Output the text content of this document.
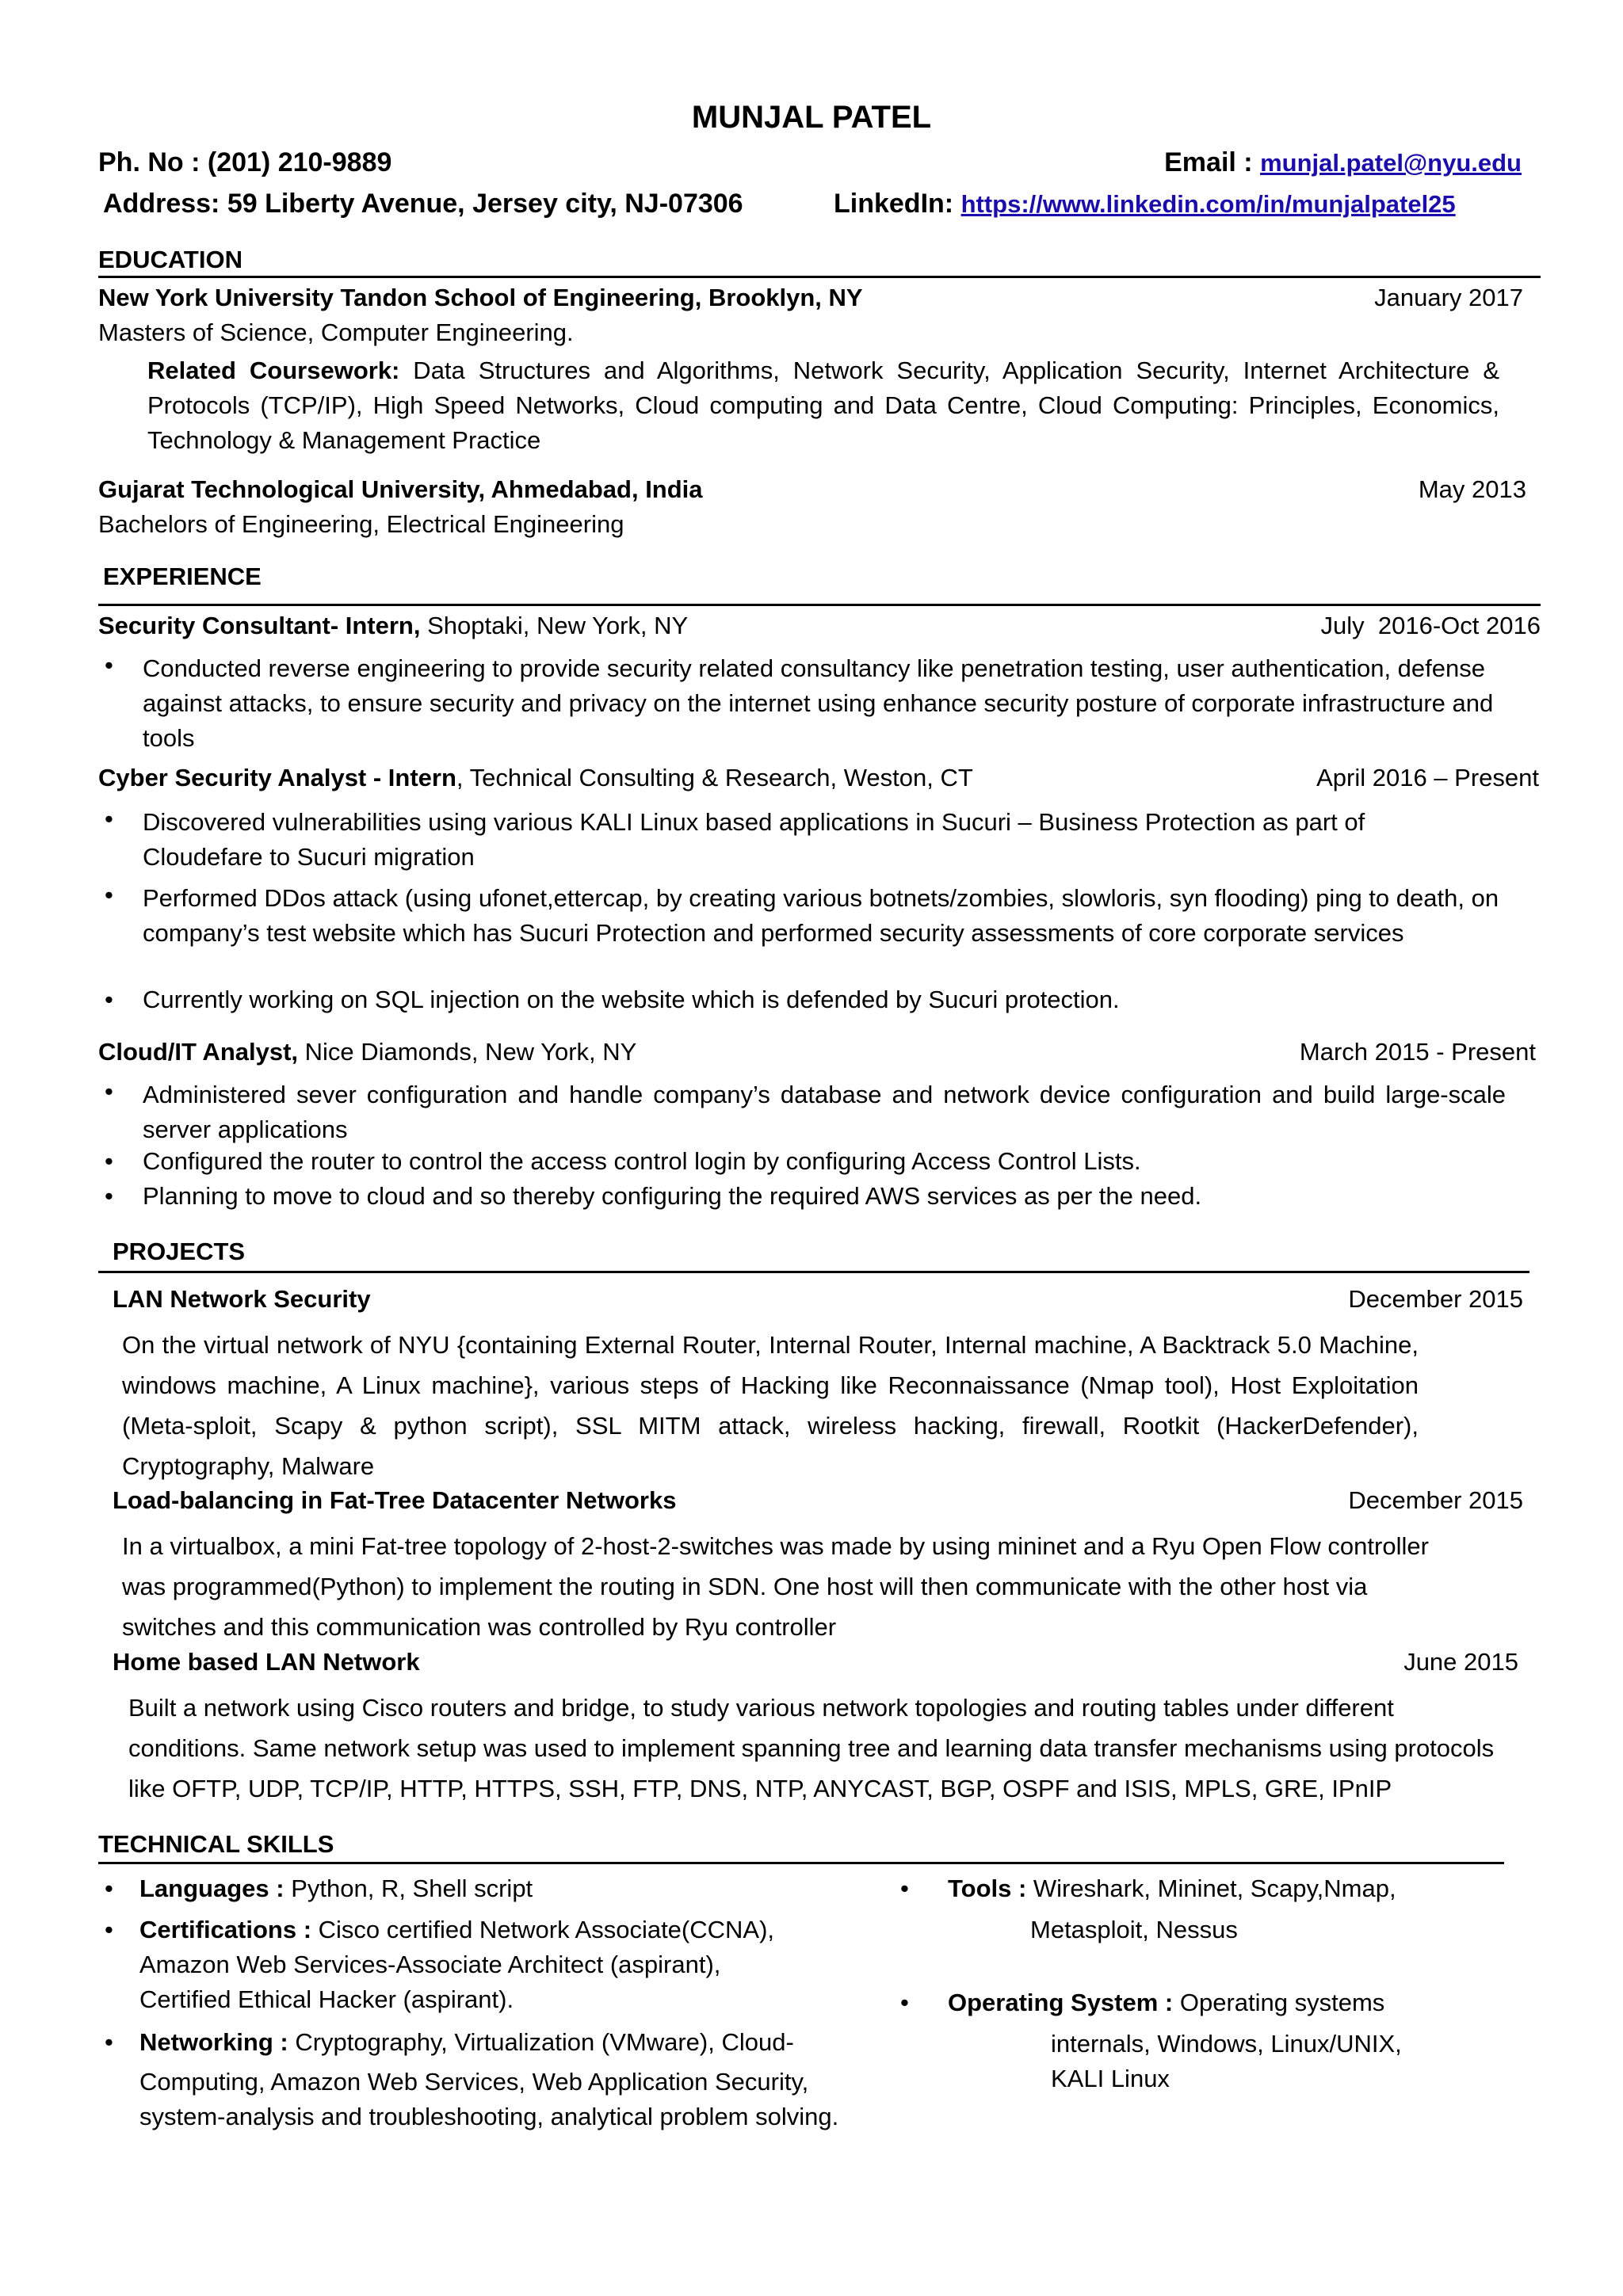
MUNJAL PATEL
Ph. No : (201) 210-9889	Email : munjal.patel@nyu.edu
Address: 59 Liberty Avenue, Jersey city, NJ-07306	LinkedIn: https://www.linkedin.com/in/munjalpatel25
EDUCATION
New York University Tandon School of Engineering, Brooklyn, NY	January 2017
Masters of Science, Computer Engineering.
Related Coursework: Data Structures and Algorithms, Network Security, Application Security, Internet Architecture & Protocols (TCP/IP), High Speed Networks, Cloud computing and Data Centre, Cloud Computing: Principles, Economics, Technology & Management Practice
Gujarat Technological University, Ahmedabad, India	May 2013
Bachelors of Engineering, Electrical Engineering
EXPERIENCE
Security Consultant- Intern, Shoptaki, New York, NY	July  2016-Oct 2016
• Conducted reverse engineering to provide security related consultancy like penetration testing, user authentication, defense against attacks, to ensure security and privacy on the internet using enhance security posture of corporate infrastructure and tools
Cyber Security Analyst - Intern, Technical Consulting & Research, Weston, CT	April 2016 – Present
• Discovered vulnerabilities using various KALI Linux based applications in Sucuri – Business Protection as part of Cloudefare to Sucuri migration
• Performed DDos attack (using ufonet,ettercap, by creating various botnets/zombies, slowloris, syn flooding) ping to death, on company’s test website which has Sucuri Protection and performed security assessments of core corporate services
• Currently working on SQL injection on the website which is defended by Sucuri protection.
Cloud/IT Analyst, Nice Diamonds, New York, NY	March 2015 - Present
• Administered sever configuration and handle company’s database and network device configuration and build large-scale server applications
• Configured the router to control the access control login by configuring Access Control Lists.
• Planning to move to cloud and so thereby configuring the required AWS services as per the need.
PROJECTS
LAN Network Security	December 2015
On the virtual network of NYU {containing External Router, Internal Router, Internal machine, A Backtrack 5.0 Machine, windows machine, A Linux machine}, various steps of Hacking like Reconnaissance (Nmap tool), Host Exploitation (Meta-sploit, Scapy & python script), SSL MITM attack, wireless hacking, firewall, Rootkit (HackerDefender), Cryptography, Malware
Load-balancing in Fat-Tree Datacenter Networks	December 2015
In a virtualbox, a mini Fat-tree topology of 2-host-2-switches was made by using mininet and a Ryu Open Flow controller was programmed(Python) to implement the routing in SDN. One host will then communicate with the other host via switches and this communication was controlled by Ryu controller
Home based LAN Network	June 2015
Built a network using Cisco routers and bridge, to study various network topologies and routing tables under different conditions. Same network setup was used to implement spanning tree and learning data transfer mechanisms using protocols like OFTP, UDP, TCP/IP, HTTP, HTTPS, SSH, FTP, DNS, NTP, ANYCAST, BGP, OSPF and ISIS, MPLS, GRE, IPnIP
TECHNICAL SKILLS
• Languages : Python, R, Shell script
• Certifications : Cisco certified Network Associate(CCNA),
Amazon Web Services-Associate Architect (aspirant),
Certified Ethical Hacker (aspirant).
• Networking : Cryptography, Virtualization (VMware), Cloud-
Computing, Amazon Web Services, Web Application Security,
system-analysis and troubleshooting, analytical problem solving.
• Tools : Wireshark, Mininet, Scapy,Nmap,
Metasploit, Nessus
• Operating System : Operating systems
internals, Windows, Linux/UNIX,
KALI Linux
